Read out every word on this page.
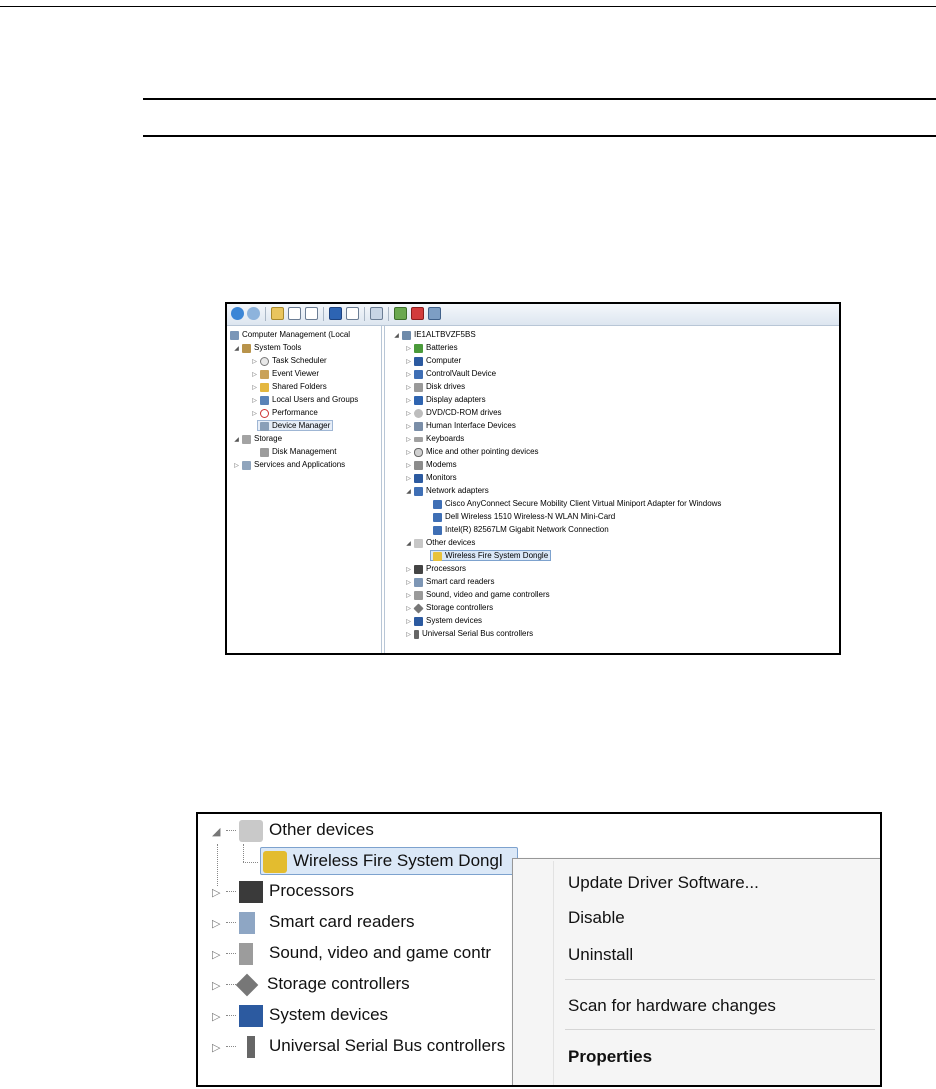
Computer Management (Local
◢ System Tools
▷ Task Scheduler
▷ Event Viewer
▷ Shared Folders
▷ Local Users and Groups
▷ Performance
Device Manager
◢ Storage
Disk Management
▷ Services and Applications
◢ IE1ALTBVZF5BS
▷ Batteries
▷ Computer
▷ ControlVault Device
▷ Disk drives
▷ Display adapters
▷ DVD/CD-ROM drives
▷ Human Interface Devices
▷ Keyboards
▷ Mice and other pointing devices
▷ Modems
▷ Monitors
◢ Network adapters
Cisco AnyConnect Secure Mobility Client Virtual Miniport Adapter for Windows
Dell Wireless 1510 Wireless-N WLAN Mini-Card
Intel(R) 82567LM Gigabit Network Connection
◢ Other devices
Wireless Fire System Dongle
▷ Processors
▷ Smart card readers
▷ Sound, video and game controllers
▷ Storage controllers
▷ System devices
▷ Universal Serial Bus controllers
◢	Other devices
Wireless Fire System Dongl
▷	Processors
▷	Smart card readers
▷	Sound, video and game contr
▷	Storage controllers
▷	System devices
▷	Universal Serial Bus controllers
Update Driver Software...
Disable
Uninstall
Scan for hardware changes
Properties
